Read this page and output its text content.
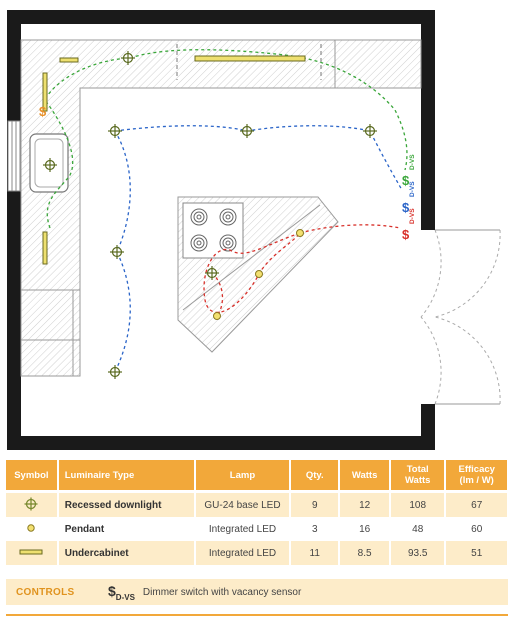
$
$
D-VS
$
D-VS
$
D-VS
Symbol	Luminaire Type	Lamp	Qty.	Watts	Total Watts	Efficacy (lm / W)

	Recessed downlight	GU-24 base LED	9	12	108	67
	Pendant	Integrated LED	3	16	48	60
	Undercabinet	Integrated LED	11	8.5	93.5	51
CONTROLS	$\$_{D-VS}$ Dimmer switch with vacancy sensor
